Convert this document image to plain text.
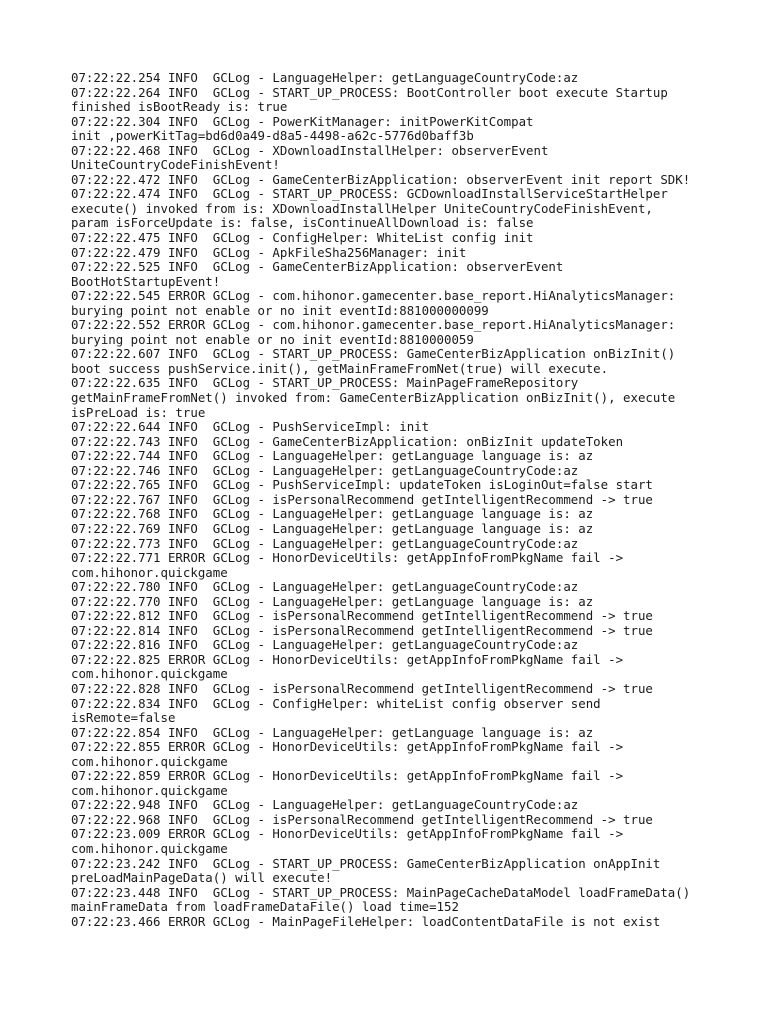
07:22:22.254 INFO  GCLog - LanguageHelper: getLanguageCountryCode:az
07:22:22.264 INFO  GCLog - START_UP_PROCESS: BootController boot execute Startup
finished isBootReady is: true
07:22:22.304 INFO  GCLog - PowerKitManager: initPowerKitCompat
init ,powerKitTag=bd6d0a49-d8a5-4498-a62c-5776d0baff3b
07:22:22.468 INFO  GCLog - XDownloadInstallHelper: observerEvent
UniteCountryCodeFinishEvent!
07:22:22.472 INFO  GCLog - GameCenterBizApplication: observerEvent init report SDK!
07:22:22.474 INFO  GCLog - START_UP_PROCESS: GCDownloadInstallServiceStartHelper
execute() invoked from is: XDownloadInstallHelper UniteCountryCodeFinishEvent,
param isForceUpdate is: false, isContinueAllDownload is: false
07:22:22.475 INFO  GCLog - ConfigHelper: WhiteList config init
07:22:22.479 INFO  GCLog - ApkFileSha256Manager: init
07:22:22.525 INFO  GCLog - GameCenterBizApplication: observerEvent
BootHotStartupEvent!
07:22:22.545 ERROR GCLog - com.hihonor.gamecenter.base_report.HiAnalyticsManager:
burying point not enable or no init eventId:881000000099
07:22:22.552 ERROR GCLog - com.hihonor.gamecenter.base_report.HiAnalyticsManager:
burying point not enable or no init eventId:8810000059
07:22:22.607 INFO  GCLog - START_UP_PROCESS: GameCenterBizApplication onBizInit()
boot success pushService.init(), getMainFrameFromNet(true) will execute.
07:22:22.635 INFO  GCLog - START_UP_PROCESS: MainPageFrameRepository
getMainFrameFromNet() invoked from: GameCenterBizApplication onBizInit(), execute
isPreLoad is: true
07:22:22.644 INFO  GCLog - PushServiceImpl: init
07:22:22.743 INFO  GCLog - GameCenterBizApplication: onBizInit updateToken
07:22:22.744 INFO  GCLog - LanguageHelper: getLanguage language is: az
07:22:22.746 INFO  GCLog - LanguageHelper: getLanguageCountryCode:az
07:22:22.765 INFO  GCLog - PushServiceImpl: updateToken isLoginOut=false start
07:22:22.767 INFO  GCLog - isPersonalRecommend getIntelligentRecommend -> true
07:22:22.768 INFO  GCLog - LanguageHelper: getLanguage language is: az
07:22:22.769 INFO  GCLog - LanguageHelper: getLanguage language is: az
07:22:22.773 INFO  GCLog - LanguageHelper: getLanguageCountryCode:az
07:22:22.771 ERROR GCLog - HonorDeviceUtils: getAppInfoFromPkgName fail ->
com.hihonor.quickgame
07:22:22.780 INFO  GCLog - LanguageHelper: getLanguageCountryCode:az
07:22:22.770 INFO  GCLog - LanguageHelper: getLanguage language is: az
07:22:22.812 INFO  GCLog - isPersonalRecommend getIntelligentRecommend -> true
07:22:22.814 INFO  GCLog - isPersonalRecommend getIntelligentRecommend -> true
07:22:22.816 INFO  GCLog - LanguageHelper: getLanguageCountryCode:az
07:22:22.825 ERROR GCLog - HonorDeviceUtils: getAppInfoFromPkgName fail ->
com.hihonor.quickgame
07:22:22.828 INFO  GCLog - isPersonalRecommend getIntelligentRecommend -> true
07:22:22.834 INFO  GCLog - ConfigHelper: whiteList config observer send
isRemote=false
07:22:22.854 INFO  GCLog - LanguageHelper: getLanguage language is: az
07:22:22.855 ERROR GCLog - HonorDeviceUtils: getAppInfoFromPkgName fail ->
com.hihonor.quickgame
07:22:22.859 ERROR GCLog - HonorDeviceUtils: getAppInfoFromPkgName fail ->
com.hihonor.quickgame
07:22:22.948 INFO  GCLog - LanguageHelper: getLanguageCountryCode:az
07:22:22.968 INFO  GCLog - isPersonalRecommend getIntelligentRecommend -> true
07:22:23.009 ERROR GCLog - HonorDeviceUtils: getAppInfoFromPkgName fail ->
com.hihonor.quickgame
07:22:23.242 INFO  GCLog - START_UP_PROCESS: GameCenterBizApplication onAppInit
preLoadMainPageData() will execute!
07:22:23.448 INFO  GCLog - START_UP_PROCESS: MainPageCacheDataModel loadFrameData()
mainFrameData from loadFrameDataFile() load time=152
07:22:23.466 ERROR GCLog - MainPageFileHelper: loadContentDataFile is not exist
